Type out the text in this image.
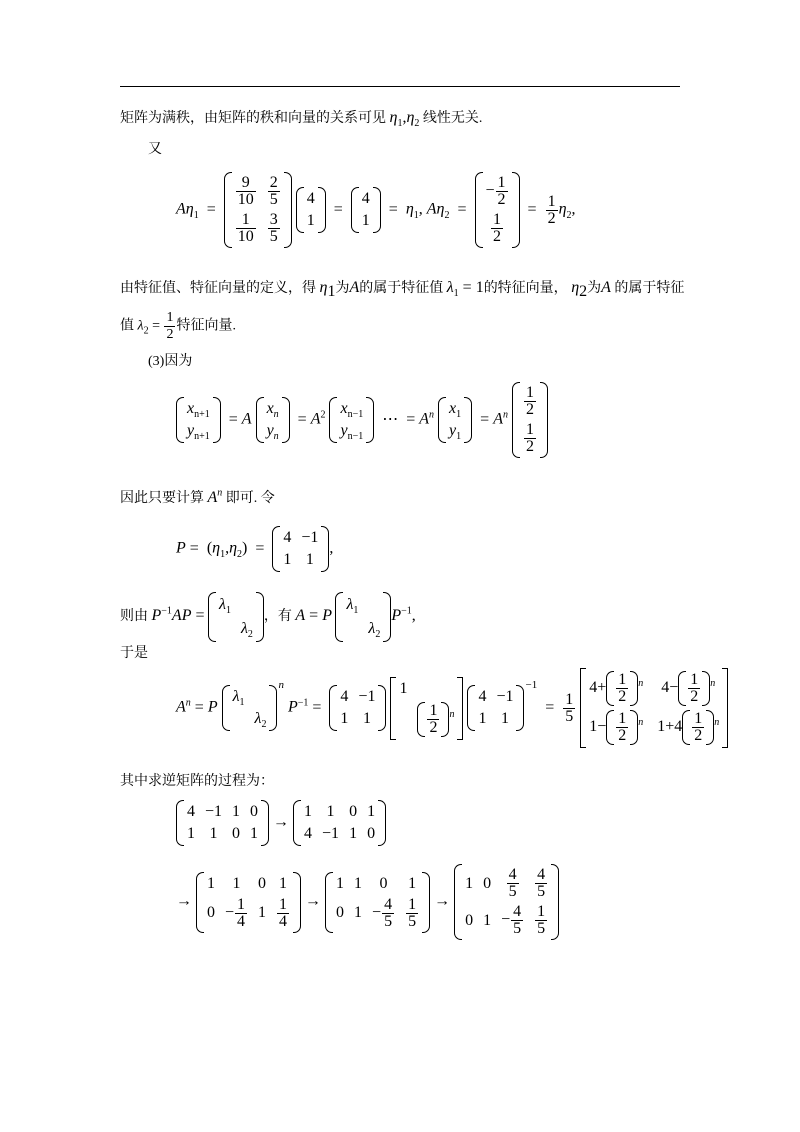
矩阵为满秩，由矩阵的秩和向量的关系可见 $\eta_1,\eta_2$ 线性无关.
又
$A\eta_1$ =
$\frac{9}{10} \frac{2}{5}$
$\frac{1}{10} \frac{3}{5}$

4
1
=
4
1
= $\eta_1$, $A\eta_2$ =
− $\frac{1}{2}$
$\frac{1}{2}$
= $\frac{1}{2} \eta_2$,
由特征值、特征向量的定义，得 $\eta_1$为A的属于特征值 $\lambda_1 = 1$的特征向量， $\eta_2$为A 的属于特征
值 $\lambda_2 = \frac{1}{2}$ 特征向量.
(3)因为
$x_{n+1}$
$y_{n+1}$
= A
$x_n$
$y_n$
= $A^2$ $x_{n-1}$
$y_{n-1}$
⋯ = $A^n$ $x_1$
$y_1$
= $A^n \frac{1}{2}$
$\frac{1}{2}$
因此只要计算 $A^n$ 即可. 令
$P = (\eta_1,\eta_2)$ =
4 −1
1 1
,
则由 $P^{-1}AP$ =
$\lambda_1$
$\lambda_2$
，有 A = P
$\lambda_1$
$\lambda_2$
$P^{-1}$,
于是
$A^n = P$
$\lambda_1$
$\lambda_2$
$^n$ $P^{-1}$ =
4 −1
1 1

1
$\frac{1}{2} ^n$

4 −1
1 1
$^{-1} = \frac{1}{5}$

$4+ \frac{1}{2} ^n$ $4- \frac{1}{2} ^n$
$1- \frac{1}{2} ^n$ $1+4 \frac{1}{2} ^n$
其中求逆矩阵的过程为：
4 −1 1 0
1 1 0 1
→
1 1 0 1
4 −1 1 0
→
1 1 0 1
$0 - \frac{1}{4} 1 \frac{1}{4}$ →
1 1 0 1
0 $1 - \frac{4}{5} \frac{1}{5}$ →
1 $0 \frac{4}{5} \frac{4}{5}$
0 $1 - \frac{4}{5} \frac{1}{5}$
